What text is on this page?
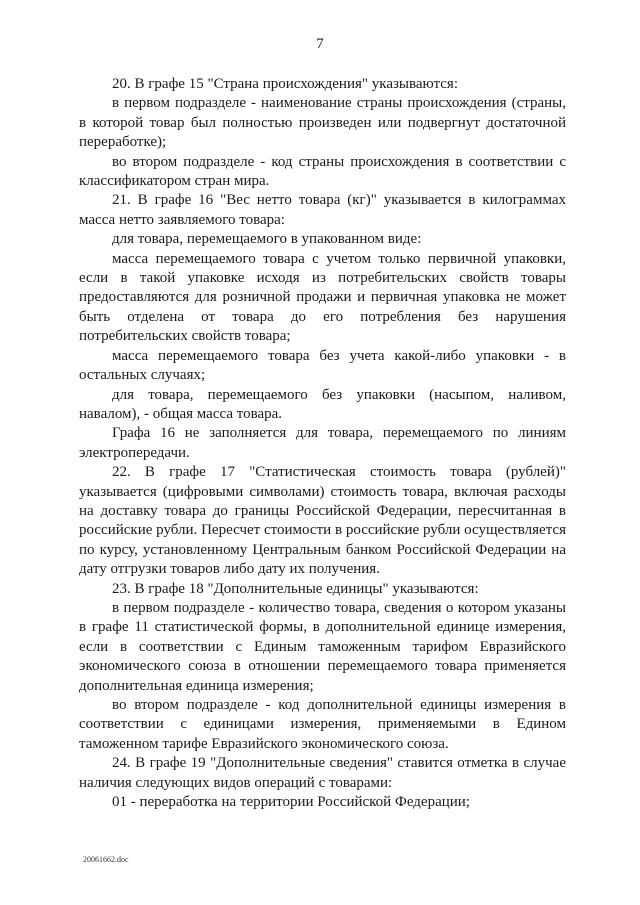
7

20. В графе 15 "Страна происхождения" указываются:

в первом подразделе - наименование страны происхождения (страны, в которой товар был полностью произведен или подвергнут достаточной переработке);

во втором подразделе - код страны происхождения в соответствии с классификатором стран мира.

21. В графе 16 "Вес нетто товара (кг)" указывается в килограммах масса нетто заявляемого товара:

для товара, перемещаемого в упакованном виде:

масса перемещаемого товара с учетом только первичной упаковки, если в такой упаковке исходя из потребительских свойств товары предоставляются для розничной продажи и первичная упаковка не может быть отделена от товара до его потребления без нарушения потребительских свойств товара;

масса перемещаемого товара без учета какой-либо упаковки - в остальных случаях;

для товара, перемещаемого без упаковки (насыпом, наливом, навалом), - общая масса товара.

Графа 16 не заполняется для товара, перемещаемого по линиям электропередачи.

22. В графе 17 "Статистическая стоимость товара (рублей)" указывается (цифровыми символами) стоимость товара, включая расходы на доставку товара до границы Российской Федерации, пересчитанная в российские рубли. Пересчет стоимости в российские рубли осуществляется по курсу, установленному Центральным банком Российской Федерации на дату отгрузки товаров либо дату их получения.

23. В графе 18 "Дополнительные единицы" указываются:

в первом подразделе - количество товара, сведения о котором указаны в графе 11 статистической формы, в дополнительной единице измерения, если в соответствии с Единым таможенным тарифом Евразийского экономического союза в отношении перемещаемого товара применяется дополнительная единица измерения;

во втором подразделе - код дополнительной единицы измерения в соответствии с единицами измерения, применяемыми в Едином таможенном тарифе Евразийского экономического союза.

24. В графе 19 "Дополнительные сведения" ставится отметка в случае наличия следующих видов операций с товарами:

01 - переработка на территории Российской Федерации;

20061662.doc
